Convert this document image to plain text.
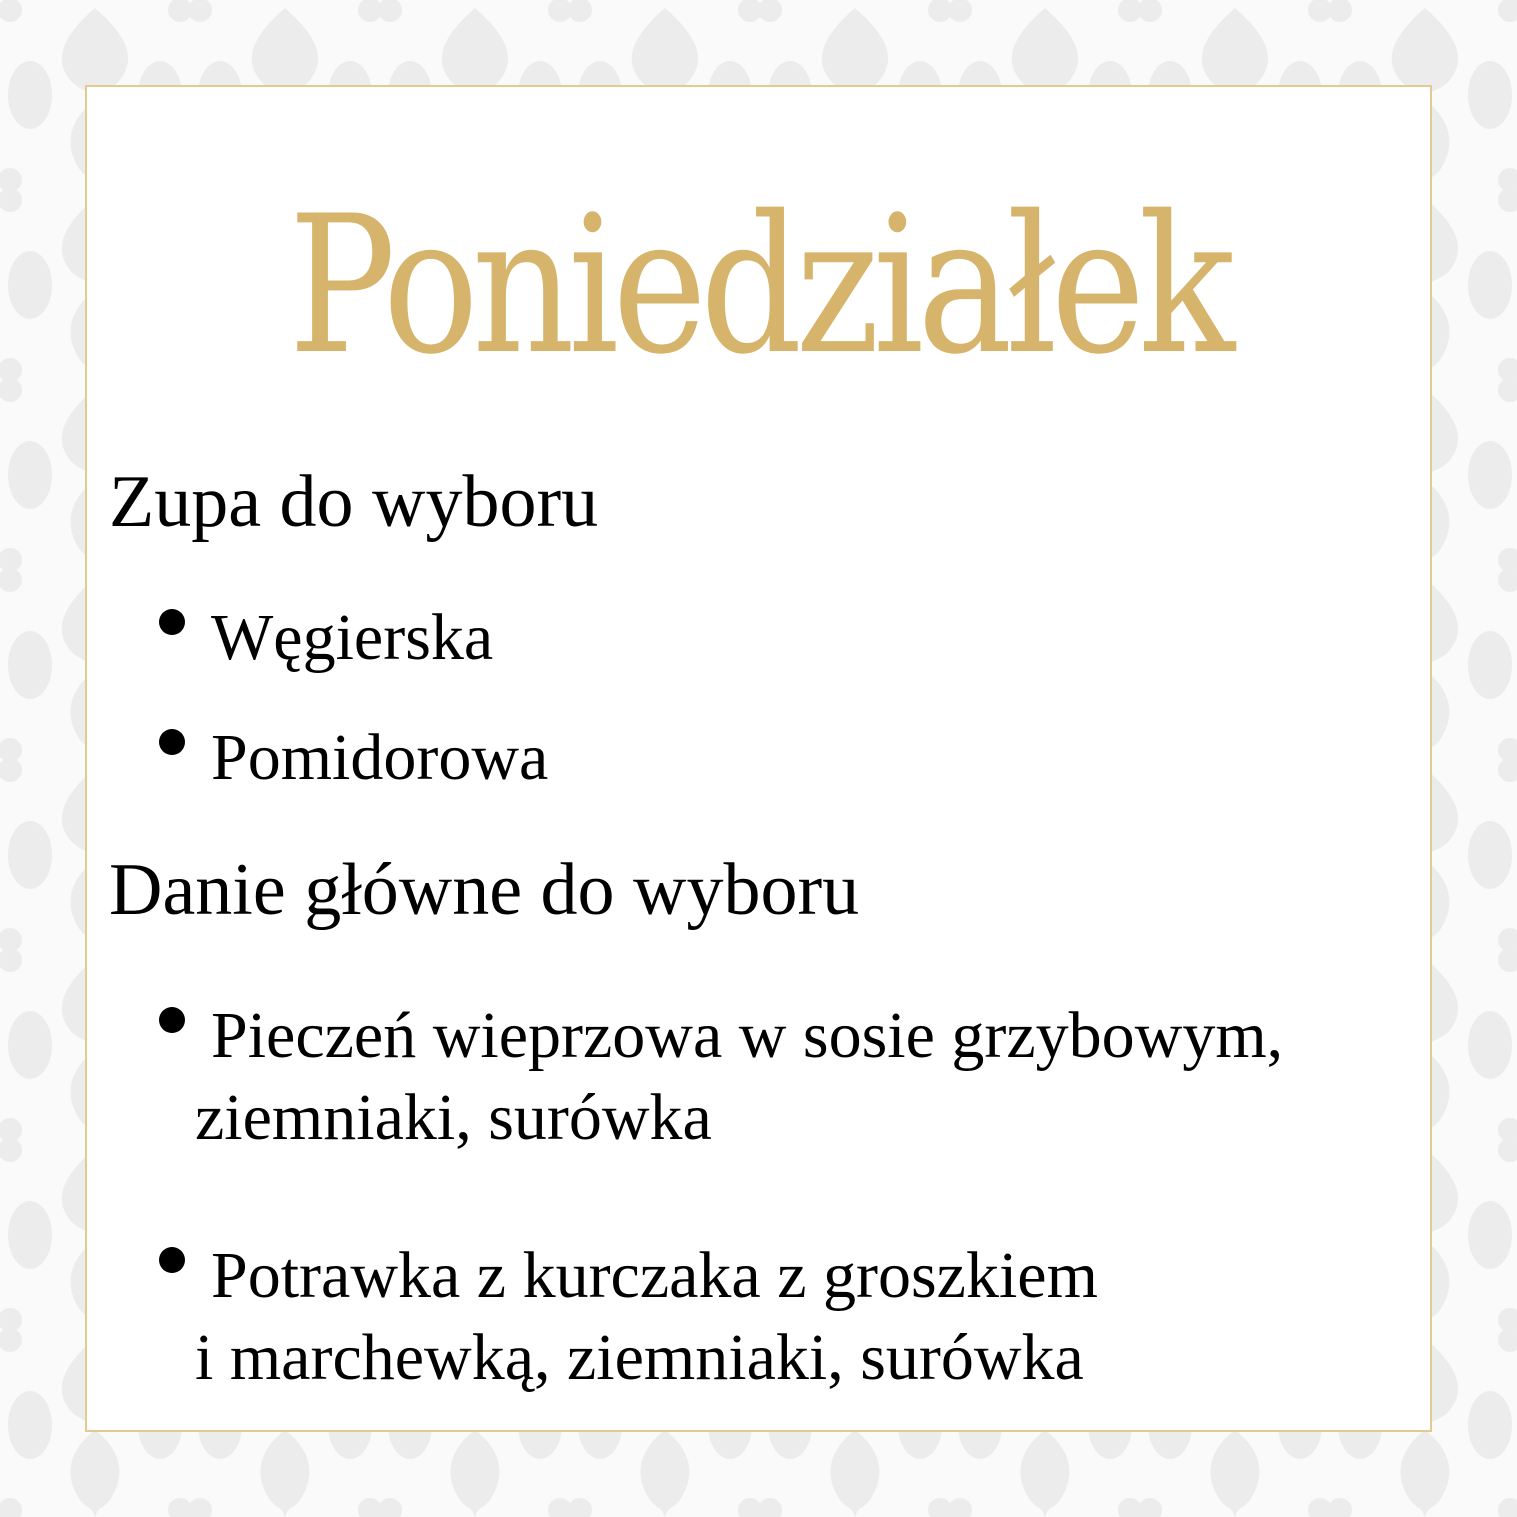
Poniedziałek
Zupa do wyboru
Węgierska
Pomidorowa
Danie główne do wyboru
Pieczeń wieprzowa w sosie grzybowym,
ziemniaki, surówka
Potrawka z kurczaka z groszkiem
i marchewką, ziemniaki, surówka
